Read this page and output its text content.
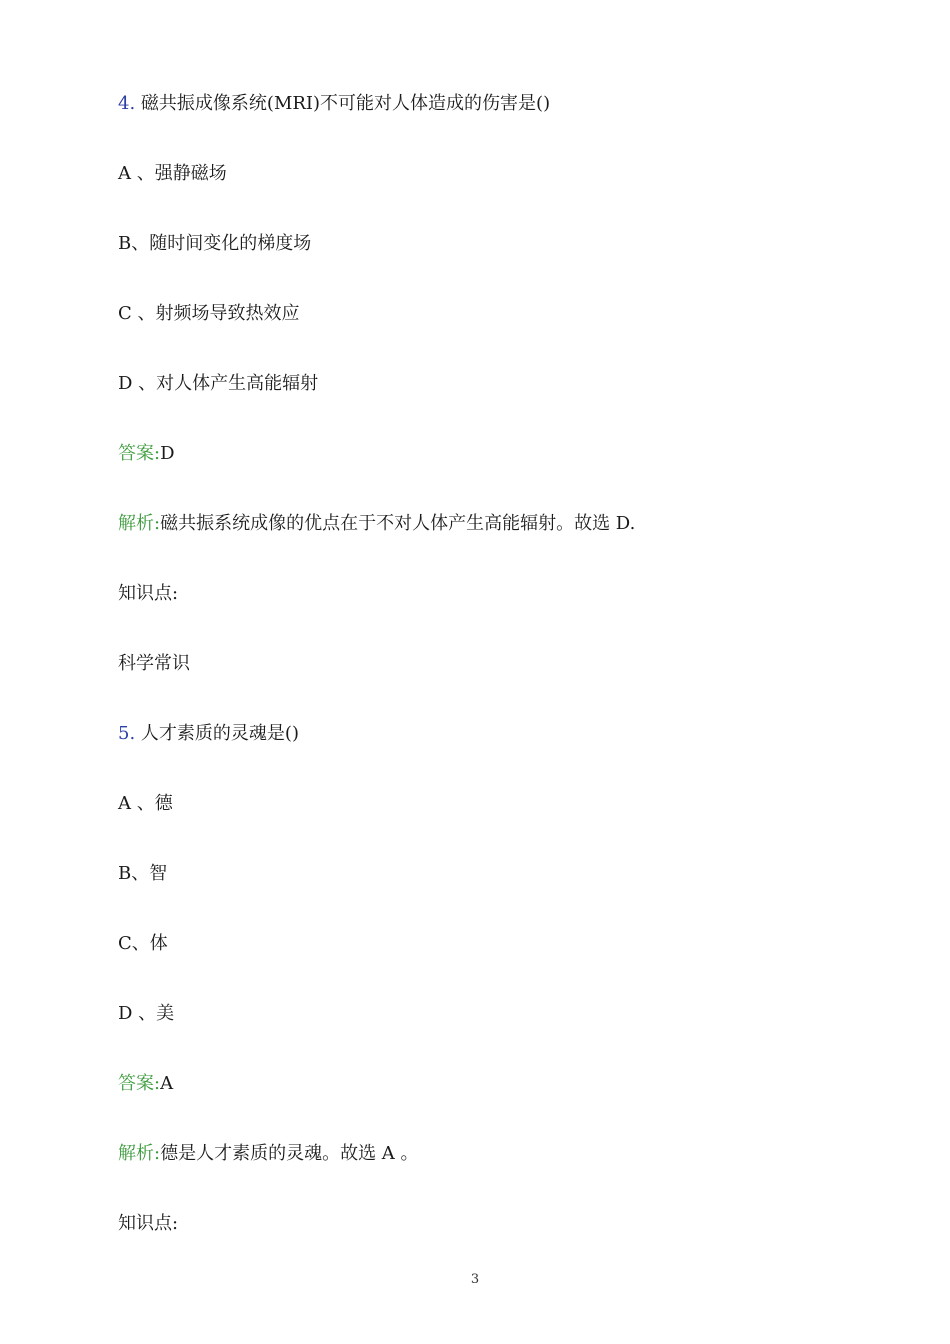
4. 磁共振成像系统(MRI)不可能对人体造成的伤害是()
A 、强静磁场
B、随时间变化的梯度场
C 、射频场导致热效应
D 、对人体产生高能辐射
答案:D
解析:磁共振系统成像的优点在于不对人体产生高能辐射。故选 D.
知识点:
科学常识
5. 人才素质的灵魂是()
A 、德
B、智
C、体
D 、美
答案:A
解析:德是人才素质的灵魂。故选 A 。
知识点:
3
